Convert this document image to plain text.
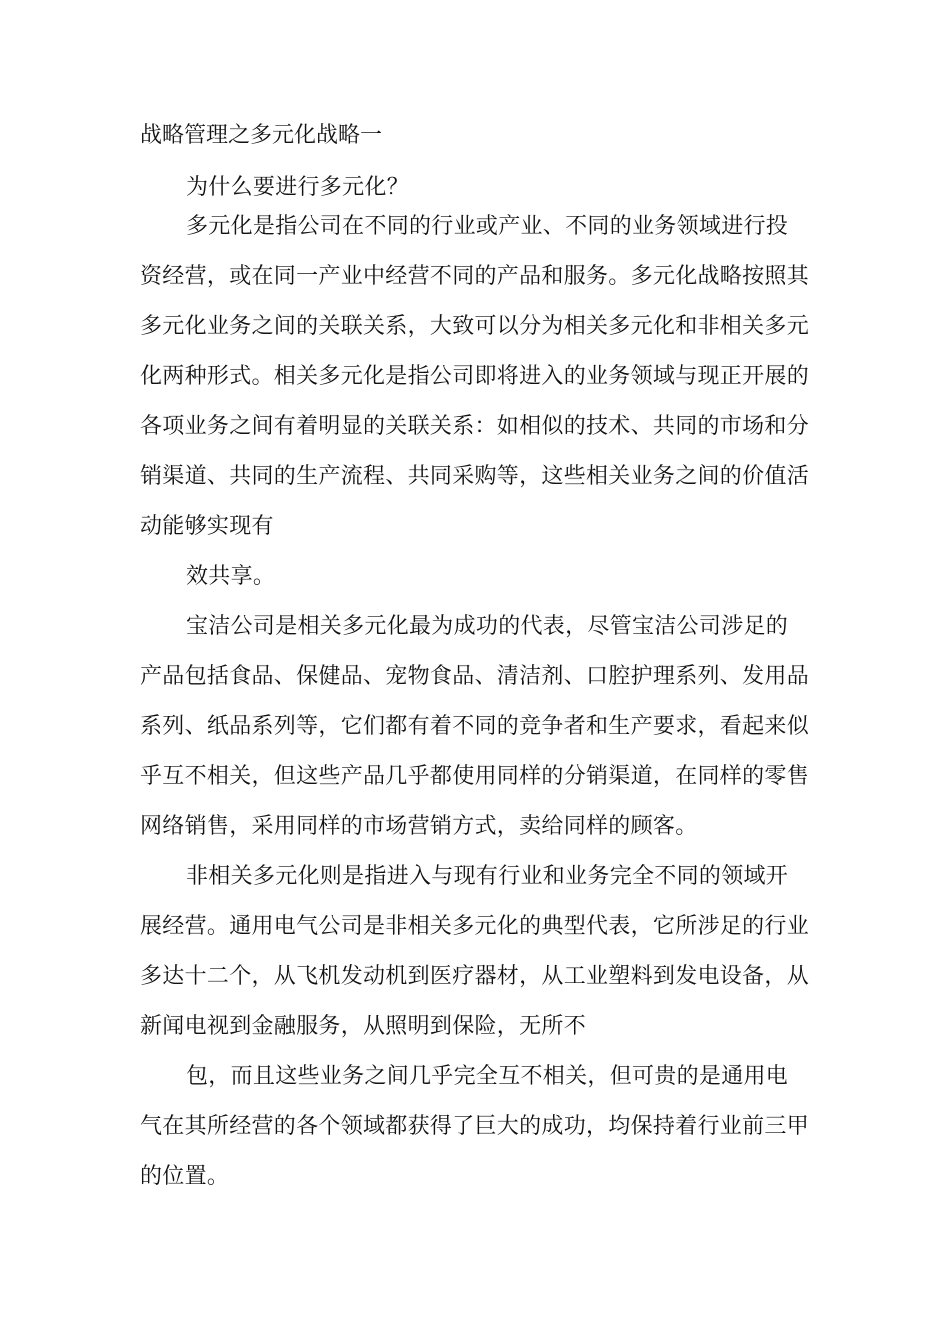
战略管理之多元化战略一
为什么要进行多元化？
多元化是指公司在不同的行业或产业、不同的业务领域进行投
资经营，或在同一产业中经营不同的产品和服务。多元化战略按照其
多元化业务之间的关联关系，大致可以分为相关多元化和非相关多元
化两种形式。相关多元化是指公司即将进入的业务领域与现正开展的
各项业务之间有着明显的关联关系：如相似的技术、共同的市场和分
销渠道、共同的生产流程、共同采购等，这些相关业务之间的价值活
动能够实现有
效共享。
宝洁公司是相关多元化最为成功的代表，尽管宝洁公司涉足的
产品包括食品、保健品、宠物食品、清洁剂、口腔护理系列、发用品
系列、纸品系列等，它们都有着不同的竞争者和生产要求，看起来似
乎互不相关，但这些产品几乎都使用同样的分销渠道，在同样的零售
网络销售，采用同样的市场营销方式，卖给同样的顾客。
非相关多元化则是指进入与现有行业和业务完全不同的领域开
展经营。通用电气公司是非相关多元化的典型代表，它所涉足的行业
多达十二个，从飞机发动机到医疗器材，从工业塑料到发电设备，从
新闻电视到金融服务，从照明到保险，无所不
包，而且这些业务之间几乎完全互不相关，但可贵的是通用电
气在其所经营的各个领域都获得了巨大的成功，均保持着行业前三甲
的位置。
